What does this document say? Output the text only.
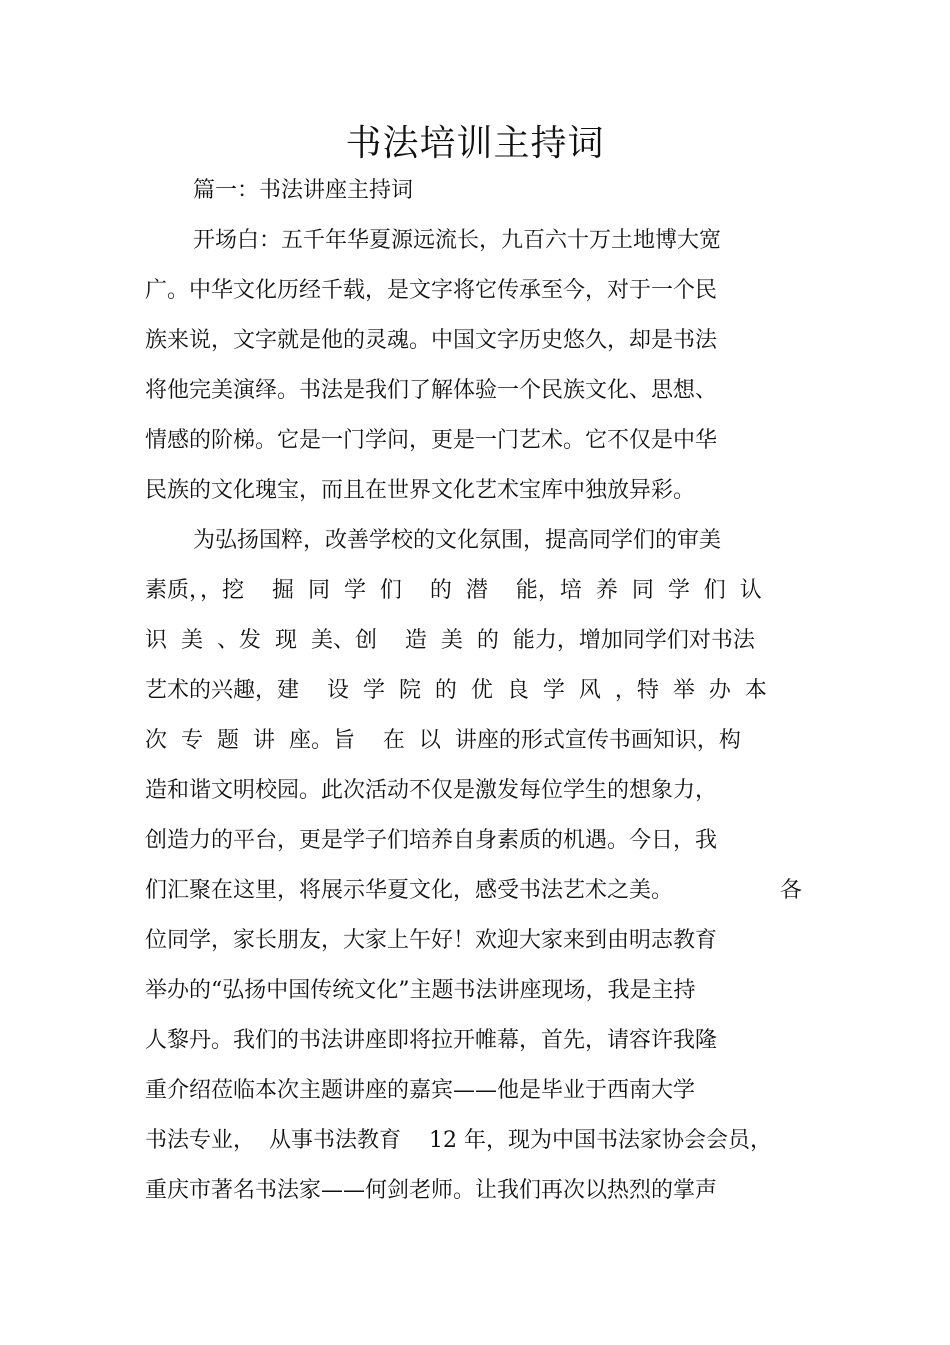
书法培训主持词
篇一：书法讲座主持词
开场白：五千年华夏源远流长，九百六十万土地博大宽
广。中华文化历经千载，是文字将它传承至今，对于一个民
族来说，文字就是他的灵魂。中国文字历史悠久，却是书法
将他完美演绎。书法是我们了解体验一个民族文化、思想、
情感的阶梯。它是一门学问，更是一门艺术。它不仅是中华
民族的文化瑰宝，而且在世界文化艺术宝库中独放异彩。
为弘扬国粹，改善学校的文化氛围，提高同学们的审美
素质，，挖    掘  同  学  们    的  潜    能，培  养  同  学  们  认
识  美  、发  现  美、创    造  美  的  能力，增加同学们对书法
艺术的兴趣，建    设  学  院  的  优  良  学  风  ，特  举  办  本
次  专  题  讲  座。旨    在  以  讲座的形式宣传书画知识，构
造和谐文明校园。此次活动不仅是激发每位学生的想象力，
创造力的平台，更是学子们培养自身素质的机遇。今日，我
们汇聚在这里，将展示华夏文化，感受书法艺术之美。	各
位同学，家长朋友，大家上午好！欢迎大家来到由明志教育
举办的“弘扬中国传统文化”主题书法讲座现场，我是主持
人黎丹。我们的书法讲座即将拉开帷幕，首先，请容许我隆
重介绍莅临本次主题讲座的嘉宾——他是毕业于西南大学
书法专业，  从事书法教育    12 年，现为中国书法家协会会员，
重庆市著名书法家——何剑老师。让我们再次以热烈的掌声
